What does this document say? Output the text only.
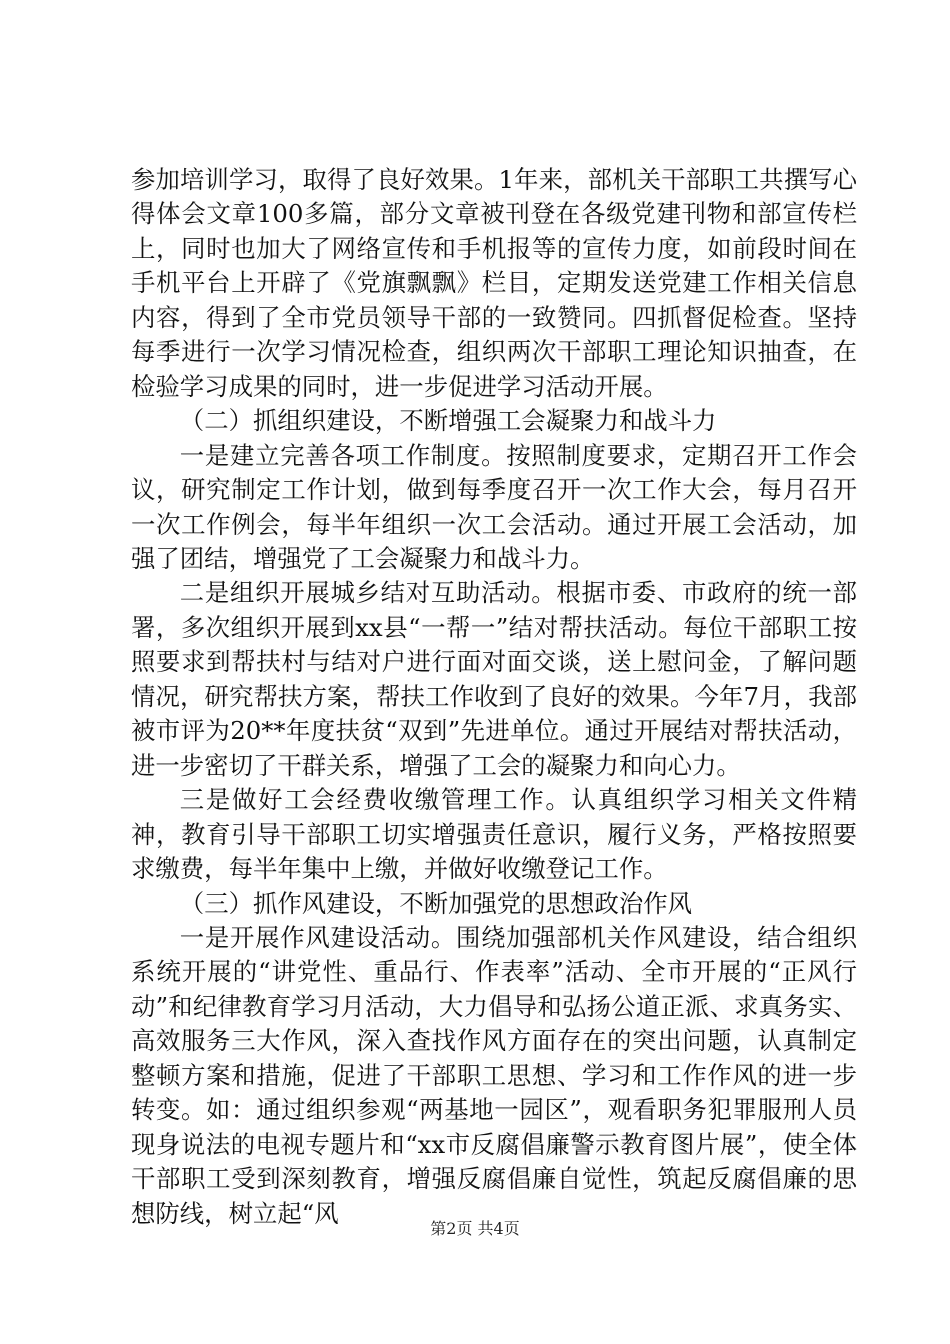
参加培训学习，取得了良好效果。1年来，部机关干部职工共撰写心得体会文章100多篇，部分文章被刊登在各级党建刊物和部宣传栏上，同时也加大了网络宣传和手机报等的宣传力度，如前段时间在手机平台上开辟了《党旗飘飘》栏目，定期发送党建工作相关信息内容，得到了全市党员领导干部的一致赞同。四抓督促检查。坚持每季进行一次学习情况检查，组织两次干部职工理论知识抽查，在检验学习成果的同时，进一步促进学习活动开展。

（二）抓组织建设，不断增强工会凝聚力和战斗力

一是建立完善各项工作制度。按照制度要求，定期召开工作会议，研究制定工作计划，做到每季度召开一次工作大会，每月召开一次工作例会，每半年组织一次工会活动。通过开展工会活动，加强了团结，增强党了工会凝聚力和战斗力。

二是组织开展城乡结对互助活动。根据市委、市政府的统一部署，多次组织开展到xx县“一帮一”结对帮扶活动。每位干部职工按照要求到帮扶村与结对户进行面对面交谈，送上慰问金，了解问题情况，研究帮扶方案，帮扶工作收到了良好的效果。今年7月，我部被市评为20**年度扶贫“双到”先进单位。通过开展结对帮扶活动，进一步密切了干群关系，增强了工会的凝聚力和向心力。

三是做好工会经费收缴管理工作。认真组织学习相关文件精神，教育引导干部职工切实增强责任意识，履行义务，严格按照要求缴费，每半年集中上缴，并做好收缴登记工作。

（三）抓作风建设，不断加强党的思想政治作风

一是开展作风建设活动。围绕加强部机关作风建设，结合组织系统开展的“讲党性、重品行、作表率”活动、全市开展的“正风行动”和纪律教育学习月活动，大力倡导和弘扬公道正派、求真务实、高效服务三大作风，深入查找作风方面存在的突出问题，认真制定整顿方案和措施，促进了干部职工思想、学习和工作作风的进一步转变。如：通过组织参观“两基地一园区”，观看职务犯罪服刑人员现身说法的电视专题片和“xx市反腐倡廉警示教育图片展”，使全体干部职工受到深刻教育，增强反腐倡廉自觉性，筑起反腐倡廉的思想防线，树立起“风

第2页 共4页
